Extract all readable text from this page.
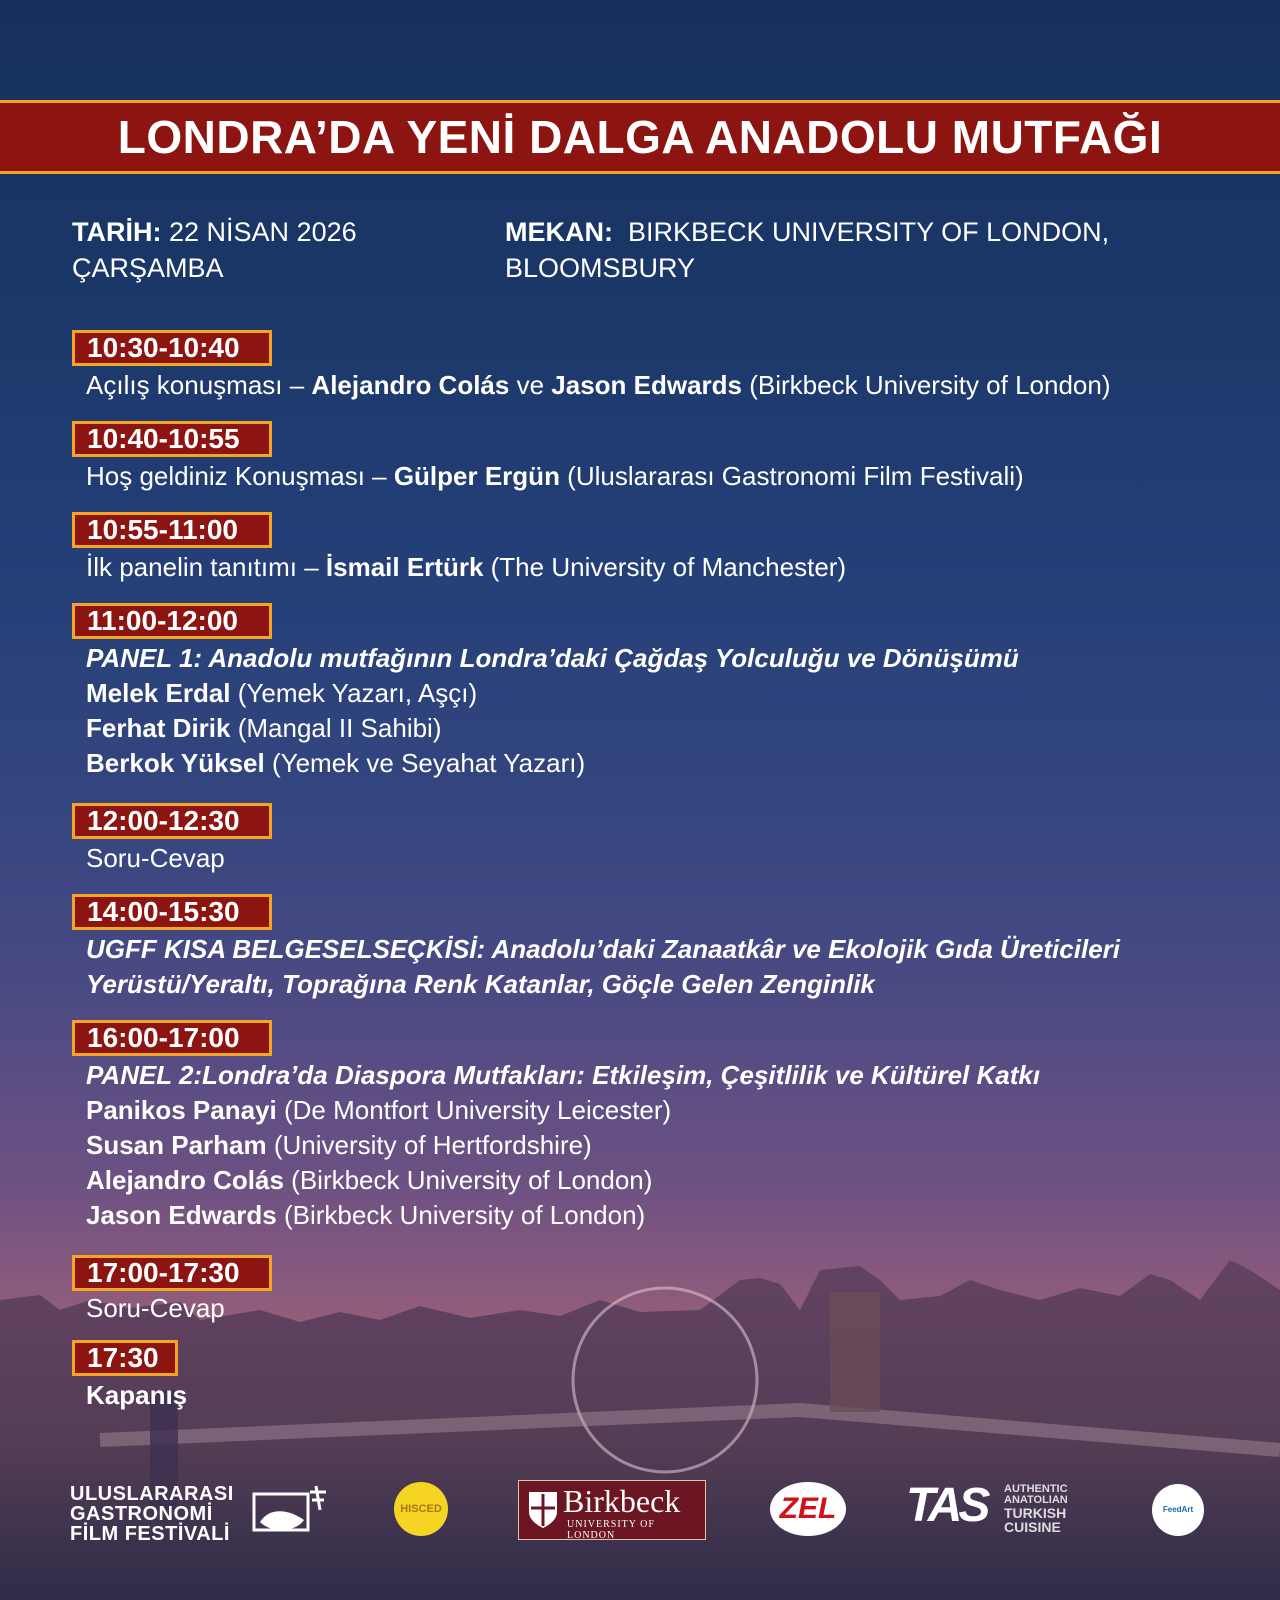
LONDRA’DA YENİ DALGA ANADOLU MUTFAĞI
TARİH: 22 NİSAN 2026
ÇARŞAMBA
MEKAN: BIRKBECK UNIVERSITY OF LONDON,
BLOOMSBURY
10:30-10:40
Açılış konuşması – Alejandro Colás ve Jason Edwards (Birkbeck University of London)
10:40-10:55
Hoş geldiniz Konuşması – Gülper Ergün (Uluslararası Gastronomi Film Festivali)
10:55-11:00
İlk panelin tanıtımı – İsmail Ertürk (The University of Manchester)
11:00-12:00
PANEL 1: Anadolu mutfağının Londra’daki Çağdaş Yolculuğu ve Dönüşümü
Melek Erdal (Yemek Yazarı, Aşçı)
Ferhat Dirik (Mangal II Sahibi)
Berkok Yüksel (Yemek ve Seyahat Yazarı)
12:00-12:30
Soru-Cevap
14:00-15:30
UGFF KISA BELGESELSEÇKİSİ: Anadolu’daki Zanaatkâr ve Ekolojik Gıda Üreticileri
Yerüstü/Yeraltı, Toprağına Renk Katanlar, Göçle Gelen Zenginlik
16:00-17:00
PANEL 2:Londra’da Diaspora Mutfakları: Etkileşim, Çeşitlilik ve Kültürel Katkı
Panikos Panayi (De Montfort University Leicester)
Susan Parham (University of Hertfordshire)
Alejandro Colás (Birkbeck University of London)
Jason Edwards (Birkbeck University of London)
17:00-17:30
Soru-Cevap
17:30
Kapanış
ULUSLARARASI
GASTRONOMİ
FİLM FESTİVALİ
HISCED	Birkbeck
UNIVERSITY OF LONDON
ZEL TAS AUTHENTIC
ANATOLIAN
TURKISH
CUISINE
FeedArt
